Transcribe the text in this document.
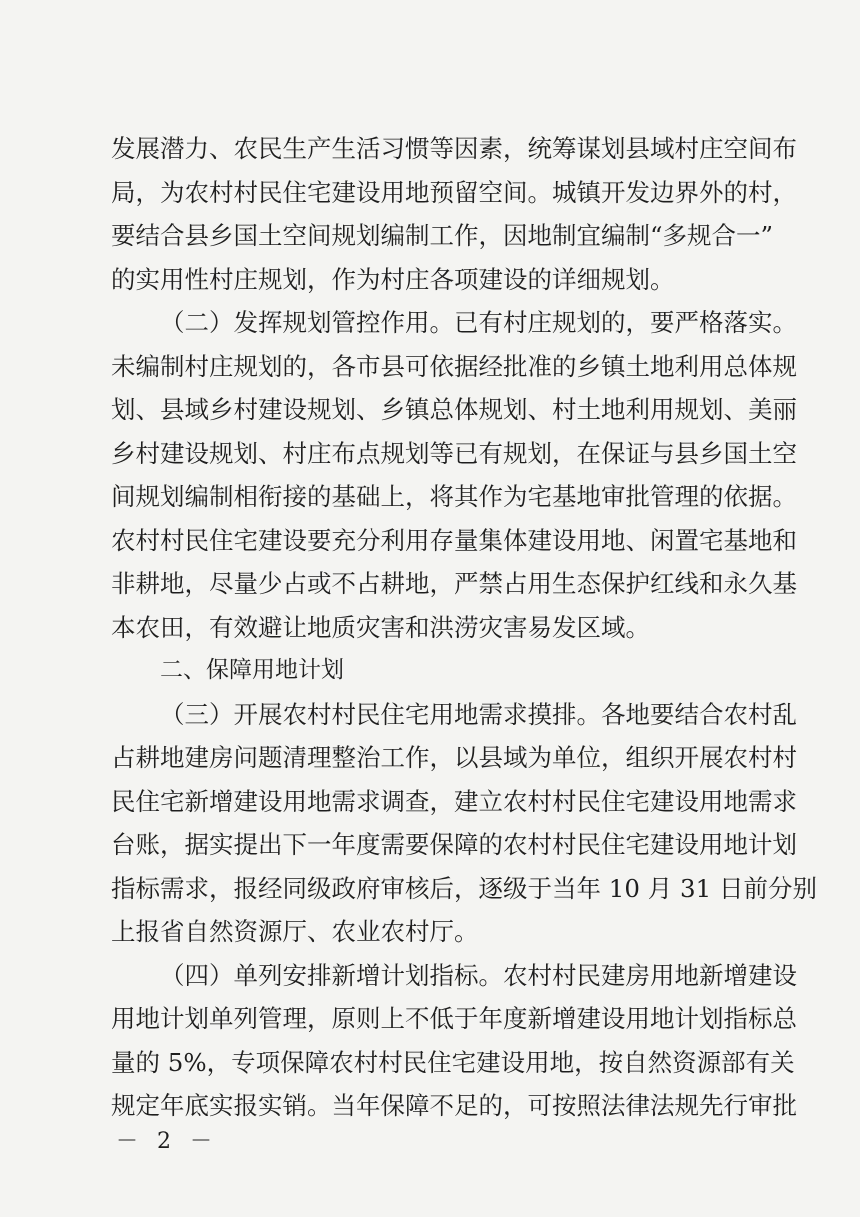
发展潜力、农民生产生活习惯等因素，统筹谋划县域村庄空间布
局，为农村村民住宅建设用地预留空间。城镇开发边界外的村，
要结合县乡国土空间规划编制工作，因地制宜编制“多规合一”
的实用性村庄规划，作为村庄各项建设的详细规划。
（二）发挥规划管控作用。已有村庄规划的，要严格落实。
未编制村庄规划的，各市县可依据经批准的乡镇土地利用总体规
划、县域乡村建设规划、乡镇总体规划、村土地利用规划、美丽
乡村建设规划、村庄布点规划等已有规划，在保证与县乡国土空
间规划编制相衔接的基础上，将其作为宅基地审批管理的依据。
农村村民住宅建设要充分利用存量集体建设用地、闲置宅基地和
非耕地，尽量少占或不占耕地，严禁占用生态保护红线和永久基
本农田，有效避让地质灾害和洪涝灾害易发区域。
二、保障用地计划
（三）开展农村村民住宅用地需求摸排。各地要结合农村乱
占耕地建房问题清理整治工作，以县域为单位，组织开展农村村
民住宅新增建设用地需求调查，建立农村村民住宅建设用地需求
台账，据实提出下一年度需要保障的农村村民住宅建设用地计划
指标需求，报经同级政府审核后，逐级于当年 10 月 31 日前分别
上报省自然资源厅、农业农村厅。
（四）单列安排新增计划指标。农村村民建房用地新增建设
用地计划单列管理，原则上不低于年度新增建设用地计划指标总
量的 5%，专项保障农村村民住宅建设用地，按自然资源部有关
规定年底实报实销。当年保障不足的，可按照法律法规先行审批
－ 2 －
